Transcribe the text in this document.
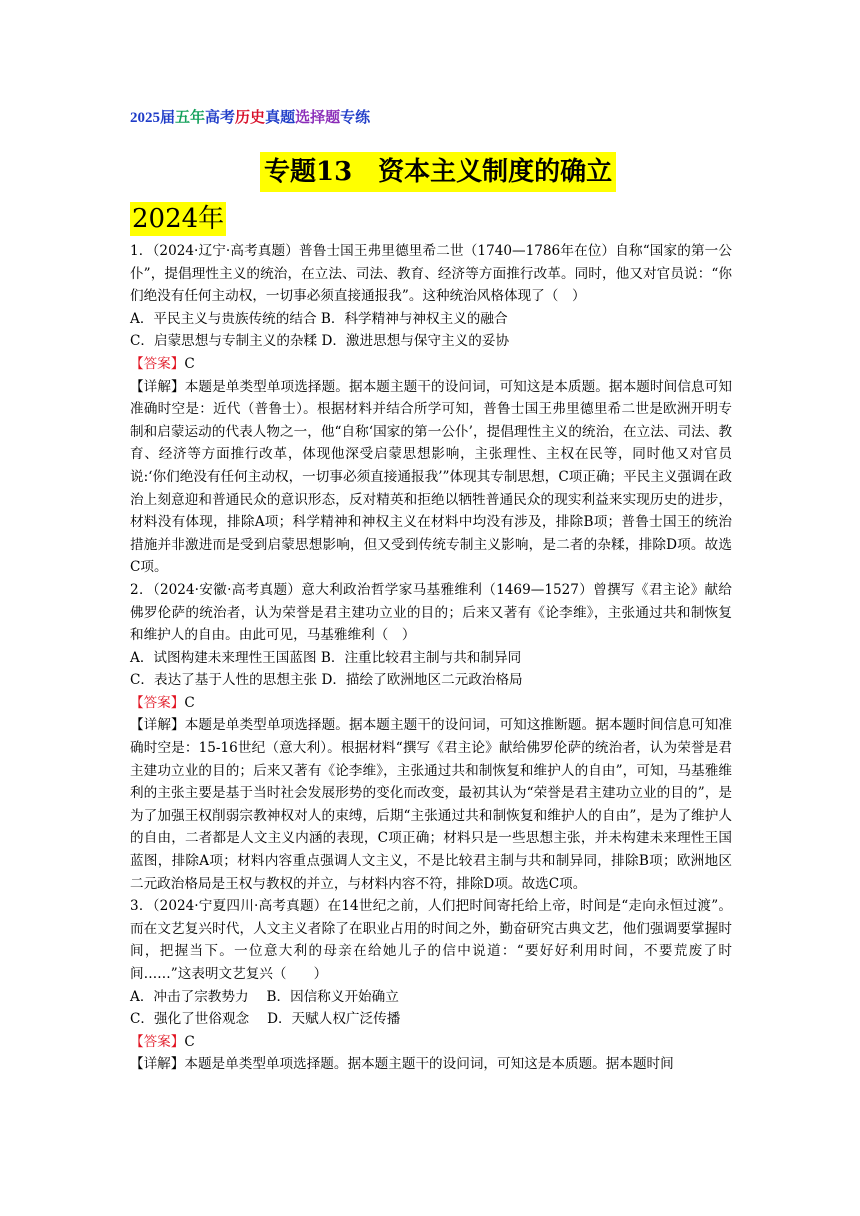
2025届五年高考历史真题选择题专练
专题13　资本主义制度的确立
2024年

1．（2024·辽宁·高考真题）普鲁士国王弗里德里希二世（1740—1786年在位）自称“国家的第一公仆”，提倡理性主义的统治，在立法、司法、教育、经济等方面推行改革。同时，他又对官员说：“你们绝没有任何主动权，一切事必须直接通报我”。这种统治风格体现了（　）

A．平民主义与贵族传统的结合 B．科学精神与神权主义的融合

C．启蒙思想与专制主义的杂糅 D．激进思想与保守主义的妥协

【答案】C

【详解】本题是单类型单项选择题。据本题主题干的设问词，可知这是本质题。据本题时间信息可知准确时空是：近代（普鲁士）。根据材料并结合所学可知，普鲁士国王弗里德里希二世是欧洲开明专制和启蒙运动的代表人物之一，他“自称‘国家的第一公仆’，提倡理性主义的统治，在立法、司法、教育、经济等方面推行改革，体现他深受启蒙思想影响，主张理性、主权在民等，同时他又对官员说:‘你们绝没有任何主动权，一切事必须直接通报我’”体现其专制思想，C项正确；平民主义强调在政治上刻意迎和普通民众的意识形态，反对精英和拒绝以牺牲普通民众的现实利益来实现历史的进步，材料没有体现，排除A项；科学精神和神权主义在材料中均没有涉及，排除B项；普鲁士国王的统治措施并非激进而是受到启蒙思想影响，但又受到传统专制主义影响，是二者的杂糅，排除D项。故选C项。

2．（2024·安徽·高考真题）意大利政治哲学家马基雅维利（1469—1527）曾撰写《君主论》献给佛罗伦萨的统治者，认为荣誉是君主建功立业的目的；后来又著有《论李维》，主张通过共和制恢复和维护人的自由。由此可见，马基雅维利（　）

A．试图构建未来理性王国蓝图 B．注重比较君主制与共和制异同

C．表达了基于人性的思想主张 D．描绘了欧洲地区二元政治格局

【答案】C

【详解】本题是单类型单项选择题。据本题主题干的设问词，可知这推断题。据本题时间信息可知准确时空是：15-16世纪（意大利）。根据材料“撰写《君主论》献给佛罗伦萨的统治者，认为荣誉是君主建功立业的目的；后来又著有《论李维》，主张通过共和制恢复和维护人的自由”，可知，马基雅维利的主张主要是基于当时社会发展形势的变化而改变，最初其认为“荣誉是君主建功立业的目的”，是为了加强王权削弱宗教神权对人的束缚，后期“主张通过共和制恢复和维护人的自由”，是为了维护人的自由，二者都是人文主义内涵的表现，C项正确；材料只是一些思想主张，并未构建未来理性王国蓝图，排除A项；材料内容重点强调人文主义，不是比较君主制与共和制异同，排除B项；欧洲地区二元政治格局是王权与教权的并立，与材料内容不符，排除D项。故选C项。

3．（2024·宁夏四川·高考真题）在14世纪之前，人们把时间寄托给上帝，时间是“走向永恒过渡”。而在文艺复兴时代，人文主义者除了在职业占用的时间之外，勤奋研究古典文艺，他们强调要掌握时间，把握当下。一位意大利的母亲在给她儿子的信中说道：“要好好利用时间，不要荒废了时间……”这表明文艺复兴（　　）

A．冲击了宗教势力　 B．因信称义开始确立

C．强化了世俗观念　 D．天赋人权广泛传播

【答案】C

【详解】本题是单类型单项选择题。据本题主题干的设问词，可知这是本质题。据本题时间
